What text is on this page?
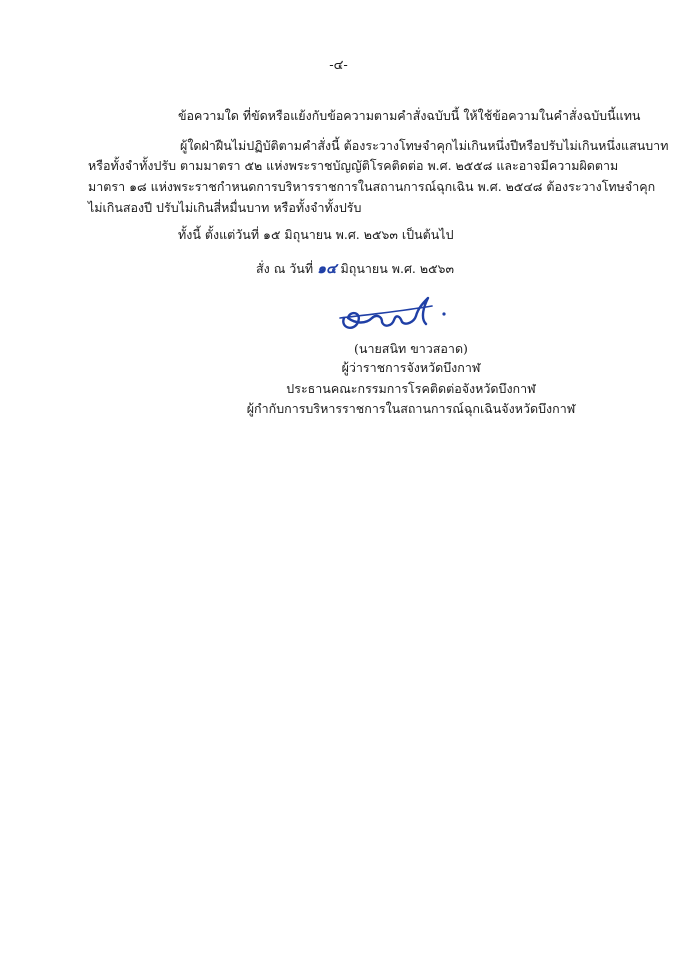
-๔-
ข้อความใด ที่ขัดหรือแย้งกับข้อความตามคำสั่งฉบับนี้ ให้ใช้ข้อความในคำสั่งฉบับนี้แทน
ผู้ใดฝ่าฝืนไม่ปฏิบัติตามคำสั่งนี้ ต้องระวางโทษจำคุกไม่เกินหนึ่งปีหรือปรับไม่เกินหนึ่งแสนบาท
หรือทั้งจำทั้งปรับ ตามมาตรา ๕๒ แห่งพระราชบัญญัติโรคติดต่อ พ.ศ. ๒๕๕๘ และอาจมีความผิดตาม
มาตรา ๑๘ แห่งพระราชกำหนดการบริหารราชการในสถานการณ์ฉุกเฉิน พ.ศ. ๒๕๔๘ ต้องระวางโทษจำคุก
ไม่เกินสองปี ปรับไม่เกินสี่หมื่นบาท หรือทั้งจำทั้งปรับ
ทั้งนี้ ตั้งแต่วันที่ ๑๕ มิถุนายน พ.ศ. ๒๕๖๓ เป็นต้นไป
สั่ง ณ วันที่ ๑๔ มิถุนายน พ.ศ. ๒๕๖๓
(นายสนิท ขาวสอาด)
ผู้ว่าราชการจังหวัดบึงกาฬ
ประธานคณะกรรมการโรคติดต่อจังหวัดบึงกาฬ
ผู้กำกับการบริหารราชการในสถานการณ์ฉุกเฉินจังหวัดบึงกาฬ
